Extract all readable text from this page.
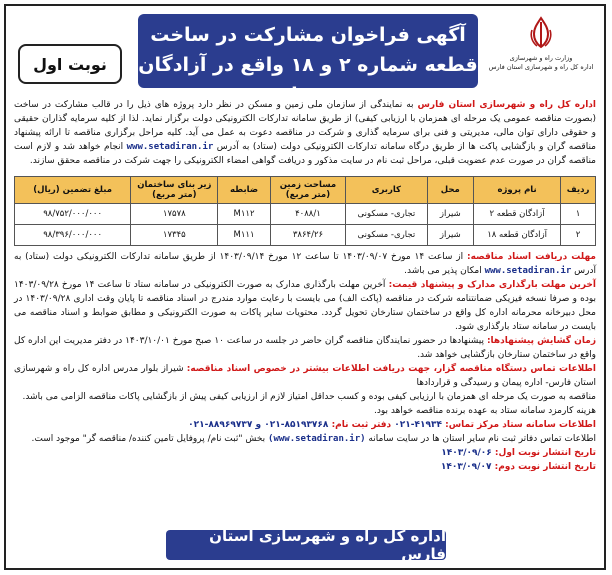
وزارت راه و شهرسازی
اداره کل راه و شهرسازی استان فارس
آگهی فراخوان مشارکت در ساخت
قطعه شماره ۲ و ۱۸ واقع در آزادگان شیراز
نوبت اول

اداره کل راه و شهرسازی استان فارس به نمایندگی از سازمان ملی زمین و مسکن در نظر دارد پروژه های ذیل را در قالب مشارکت در ساخت (بصورت مناقصه عمومی یک مرحله ای همزمان با ارزیابی کیفی) از طریق سامانه تدارکات الکترونیکی دولت برگزار نماید. لذا از کلیه سرمایه گذاران حقیقی و حقوقی دارای توان مالی، مدیریتی و فنی برای سرمایه گذاری و شرکت در مناقصه دعوت به عمل می آید. کلیه مراحل برگزاری مناقصه تا ارائه پیشنهاد مناقصه گران و بازگشایی پاکت ها از طریق درگاه سامانه تدارکات الکترونیکی دولت (ستاد) به آدرس www.setadiran.ir انجام خواهد شد و لازم است مناقصه گران در صورت عدم عضویت قبلی، مراحل ثبت نام در سایت مذکور و دریافت گواهی امضاء الکترونیکی را جهت شرکت در مناقصه محقق سازند.

ردیف	نام پروژه	محل	کاربری	مساحت زمین (متر مربع)	ضابطه	زیر بنای ساختمان (متر مربع)	مبلغ تضمین (ریال)
۱	آزادگان قطعه ۲	شیراز	تجاری- مسکونی	۴۰۸۸/۱	M۱۱۲	۱۷۵۷۸	۹۸/۷۵۲/۰۰۰/۰۰۰
۲	آزادگان قطعه ۱۸	شیراز	تجاری- مسکونی	۳۸۶۴/۲۶	M۱۱۱	۱۷۳۴۵	۹۸/۳۹۶/۰۰۰/۰۰۰

مهلت دریافت اسناد مناقصه: از ساعت ۱۴ مورخ ۱۴۰۳/۰۹/۰۷ تا ساعت ۱۲ مورخ ۱۴۰۳/۰۹/۱۴ از طریق سامانه تدارکات الکترونیکی دولت (ستاد) به آدرس www.setadiran.ir امکان پذیر می باشد.

آخرین مهلت بارگذاری مدارک و پیشنهاد قیمت: آخرین مهلت بارگذاری مدارک به صورت الکترونیکی در سامانه ستاد تا ساعت ۱۴ مورخ ۱۴۰۳/۰۹/۲۸ بوده و صرفا نسخه فیزیکی ضمانتنامه شرکت در مناقصه (پاکت الف) می بایست با رعایت موارد مندرج در اسناد مناقصه تا پایان وقت اداری ۱۴۰۳/۰۹/۲۸ در محل دبیرخانه محرمانه اداره کل واقع در ساختمان ستارخان تحویل گردد. محتویات سایر پاکات به صورت الکترونیکی و مطابق ضوابط و اسناد مناقصه می بایست در سامانه ستاد بارگذاری شود.

زمان گشایش پیشنهادها: پیشنهادها در حضور نمایندگان مناقصه گران حاضر در جلسه در ساعت ۱۰ صبح مورخ ۱۴۰۳/۱۰/۰۱ در دفتر مدیریت این اداره کل واقع در ساختمان ستارخان بازگشایی خواهد شد.

اطلاعات تماس دستگاه مناقصه گزار، جهت دریافت اطلاعات بیشتر در خصوص اسناد مناقصه: شیراز بلوار مدرس اداره کل راه و شهرسازی استان فارس- اداره پیمان و رسیدگی و قراردادها

مناقصه به صورت یک مرحله ای همزمان با ارزیابی کیفی بوده و کسب حداقل امتیاز لازم از ارزیابی کیفی پیش از بازگشایی پاکات مناقصه الزامی می باشد.

هزینه کارمزد سامانه ستاد به عهده برنده مناقصه خواهد بود.

اطلاعات سامانه ستاد مرکز تماس: ۴۱۹۳۴-۰۲۱ دفتر ثبت نام: ۸۵۱۹۳۷۶۸-۰۲۱ و ۸۸۹۶۹۷۳۷-۰۲۱

اطلاعات تماس دفاتر ثبت نام سایر استان ها در سایت سامانه (www.setadiran.ir) بخش "ثبت نام/ پروفایل تامین کننده/ مناقصه گر" موجود است.

تاریخ انتشار نوبت اول: ۱۴۰۳/۰۹/۰۶

تاریخ انتشار نوبت دوم: ۱۴۰۳/۰۹/۰۷

اداره کل راه و شهرسازی استان فارس
